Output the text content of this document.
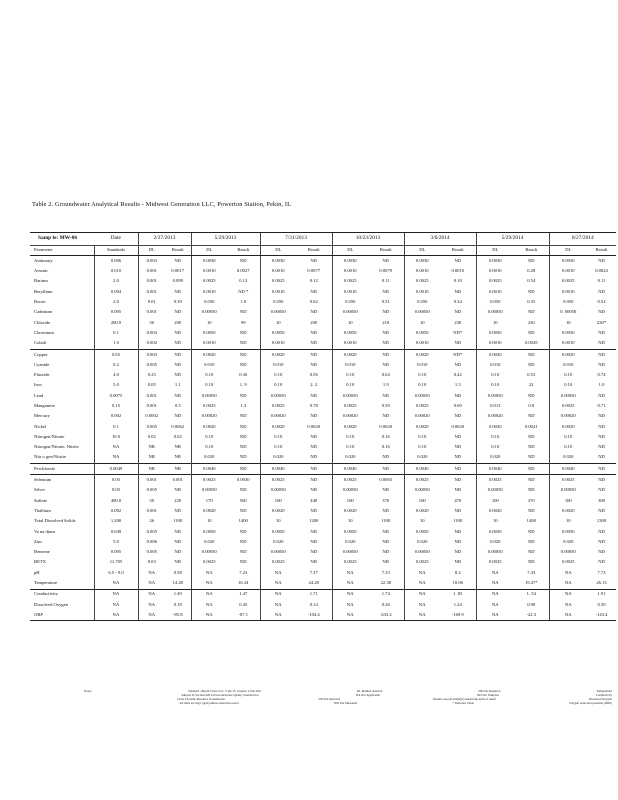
Table 2. Groundwater Analytical Results - Midwest Generation LLC, Powerton Station, Pekin, IL
Samp le: MW-06	Date	2/27/2013		5/29/2013		7/31/2013		10/23/2013		3/6/2014		5/29/2014		8/27/2014	
Parameter	Standards	DL	Result	DL	Result	DL	Result	DL	Result	DL	Result	DL	Result	DL	Result
Antimony	0.006	0.003	ND	0.0030	ND	0.0030	ND	0.0030	ND	0.0030	ND	0.0030	ND	0.0030	ND
Arsenic	0.010	0.001	0.0017	0.0010	0.0027	0.0010	0.0077	0.0010	0.0079	0.0010	0.0010	0.0010	0.28	0.0010	0.0024
Barium	2.0	0.001	0.099	0.0025	0.12	0.0025	0.12	0.0025	0.11	0.0025	0.10	0.0025	0.54	0.0025	0.11
Beryllium	0.004	0.001	ND	0.0010	ND *	0.0010	ND	0.0010	ND	0.0010	ND	0.0010	ND	0.0010	ND
Boron	2.0	0.01	0.39	0.050	1.0	0.050	0.62	0.050	0.51	0.050	0.34	0.050	0.35	0.050	0.52
Cadmium	0.005	0.001	ND	0.00050	ND	0.00050	ND	0.00050	ND	0.00050	ND	0.00050	ND	0. 00050	ND
Chloride	200.0	50	200	10	99	10	200	10	210	10	230	10	230	10	230*
Chromium	0.1	0.004	ND	0.0050	ND	0.0050	ND	0.0050	ND	0.0050	ND*	0.0050	ND	0.0050	ND
Cobalt	1.0	0.002	ND	0.0010	ND	0.0010	ND	0.0010	ND	0.0010	ND	0.0010	0.0045	0.0010	ND
Copper	0.65	0.003	ND	0.0020	ND	0.0020	ND	0.0020	ND	0.0020	ND*	0.0020	ND	0.0020	ND
Cyanide	0.2	0.005	ND	0.010	ND	0.010	ND	0.010	ND	0.010	ND	0.010	ND	0.010	ND
Fluoride	4.0	0.25	ND	0.10	0.36	0.10	0.56	0.10	0.64	0.10	0.42	0.10	0.53	0.10	0.74
Iron	5.0	0.05	1.1	0.10	1. 9	0.10	2. 2	0.10	1.9	0.10	1.5	0.10	22	0.10	1.0
Lead	0.0075	0.001	ND	0.00050	ND	0.00050	ND	0.00050	ND	0.00050	ND	0.00050	ND	0.00050	ND
Manganese	0.15	0.001	0.5	0.0025	1.3	0.0025	0.78	0.0025	0.59	0.0025	0.69	0.013	0.8	0.0025	0.71
Mercury	0.002	0.0002	ND	0.00020	ND	0.00020	ND	0.00020	ND	0.00020	ND	0.00020	ND	0.00020	ND
Nickel	0.1	0.005	0.0062	0.0020	ND	0.0020	0.0020	0.0020	0.0020	0.0020	0.0020	0.0020	0.0041	0.0020	ND
Nitrogen/Nitrate	10.0	0.02	0.02	0.10	ND	0.10	ND	0.10	0.16	0.10	ND	0.10	ND	0.10	ND
Nitrogen/Nitrate, Nitrite	NA	NR	NR	0.10	ND	0.10	ND	0.10	0.16	0.10	ND	0.10	ND	0.10	ND
Nitr o gen/Nitrite	NA	NR	NR	0.020	ND	0.020	ND	0.020	ND	0.020	ND	0.020	ND	0.020	ND
Perchlorate	0.0049	NR	NR	0.0040	ND	0.0040	ND	0.0040	ND	0.0040	ND	0.0040	ND	0.0040	ND
Selenium	0.05	0.001	0.001	0.0025	0.0030	0.0025	ND	0.0025	0.0065	0.0025	ND	0.0025	ND	0.0025	ND
Silver	0.05	0.005	ND	0.00050	ND	0.00050	ND	0.00050	ND	0.00050	ND	0.00050	ND	0.00050	ND
Sulfate	400.0	50	220	170	560	100	440	100	370	100	470	100	370	100	300
Thallium	0.002	0.001	ND	0.0020	ND	0.0020	ND	0.0020	ND	0.0020	ND	0.0020	ND	0.0020	ND
Total Dissolved Solids	1,200	26	1100	10	1400	10	1200	10	1100	10	1100	10	1400	10	1300
Va na dium	0.049	0.005	ND	0.0050	ND	0.0050	ND	0.0050	ND	0.0050	ND	0.0050	ND	0.0050	ND
Zinc	5.0	0.006	ND	0.020	ND	0.020	ND	0.020	ND	0.020	ND	0.020	ND	0.020	ND
Benzene	0.005	0.005	ND	0.00050	ND	0.00050	ND	0.00050	ND	0.00050	ND	0.00050	ND	0.00050	ND
BETX	11.705	0.03	ND	0.0025	ND	0.0025	ND	0.0025	ND	0.0025	ND	0.0025	ND	0.0025	ND
pH	6.5 - 9.0	NA	0.58	NA	7.23	NA	7.37	NA	7.33	NA	8.2	NA	7.43	NA	7.73
Temperature	NA	NA	14.48	NA	16.34	NA	24.20	NA	22.38	NA	10.06	NA	19.47*	NA	26.15
Conductivity	NA	NA	1.49	NA	1.47	NA	1.71	NA	1.74	NA	1. 83	NA	1. 54	NA	1.91
Dissolved Oxygen	NA	NA	0.18	NA	0.45	NA	0.14	NA	0.26	NA	1.24	NA	0.98	NA	0.39
ORP	NA	NA	-85.8	NA	-87.1	NA	-104.4	NA	-233.2	NA	-169.9	NA	-22.3	NA	-143.4
Notes:	Standard =Board Class I GC, T itle 35, Chapter I, Part 620	DL Method detected	NR Not Required	Temperature
Subpart D, Section 620.410 Groundwater Quality Standard for	NA Not Applicable	ND Not Sampled	Conductivity
Class I Potable Resource Groundwater	ND Not Detected	Results reported in(mg/l) meand the units of result	Dissolved Oxygen
All units are mg/l (ppm) unless otherwise noted	NM Not Measured	* Indicates Value	Oxygen reduction potential (ORP)
